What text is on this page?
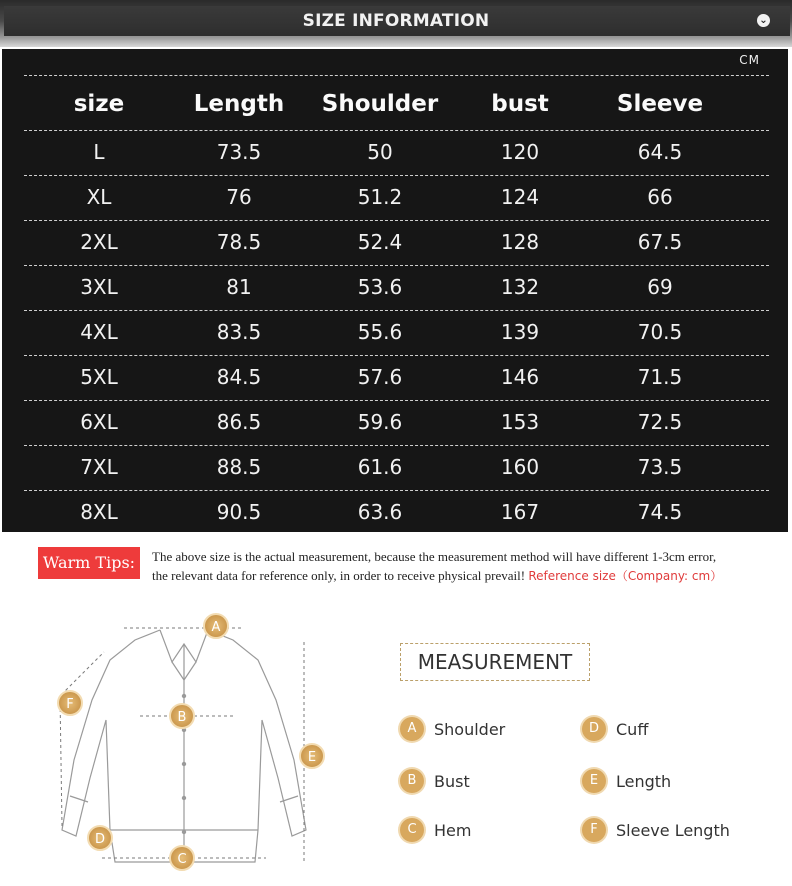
SIZE INFORMATION	⌄
CM
size	Length	Shoulder	bust	Sleeve
L	73.5	50	120	64.5
XL	76	51.2	124	66
2XL	78.5	52.4	128	67.5
3XL	81	53.6	132	69
4XL	83.5	55.6	139	70.5
5XL	84.5	57.6	146	71.5
6XL	86.5	59.6	153	72.5
7XL	88.5	61.6	160	73.5
8XL	90.5	63.6	167	74.5
Warm Tips:	The above size is the actual measurement, because the measurement method will have different 1-3cm error,
the relevant data for reference only, in order to receive physical prevail! Reference size（Company: cm）
A
B
C
D
E
F
MEASUREMENT
A	Shoulder
B	Bust
C	Hem
D	Cuff
E	Length
F	Sleeve Length
